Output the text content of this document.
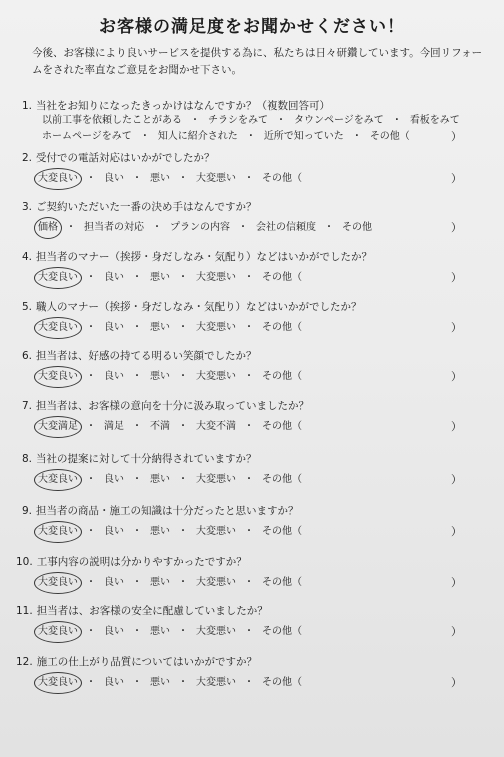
お客様の満足度をお聞かせください！
今後、お客様により良いサービスを提供する為に、私たちは日々研鑽しています。今回リフォームをされた率直なご意見をお聞かせ下さい。
1. 当社をお知りになったきっかけはなんですか？（複数回答可）
以前工事を依頼したことがある ・ チラシをみて ・ タウンページをみて ・ 看板をみて
ホームページをみて ・ 知人に紹介された ・ 近所で知っていた ・ その他（	）
2. 受付での電話対応はいかがでしたか？
大変良い ・ 良い ・ 悪い ・ 大変悪い ・ その他（	）
3. ご契約いただいた一番の決め手はなんですか？
価格 ・ 担当者の対応 ・ プランの内容 ・ 会社の信頼度 ・ その他	）
4. 担当者のマナー（挨拶・身だしなみ・気配り）などはいかがでしたか？
大変良い ・ 良い ・ 悪い ・ 大変悪い ・ その他（	）
5. 職人のマナー（挨拶・身だしなみ・気配り）などはいかがでしたか？
大変良い ・ 良い ・ 悪い ・ 大変悪い ・ その他（	）
6. 担当者は、好感の持てる明るい笑顔でしたか？
大変良い ・ 良い ・ 悪い ・ 大変悪い ・ その他（	）
7. 担当者は、お客様の意向を十分に汲み取っていましたか？
大変満足 ・ 満足 ・ 不満 ・ 大変不満 ・ その他（	）
8. 当社の提案に対して十分納得されていますか？
大変良い ・ 良い ・ 悪い ・ 大変悪い ・ その他（	）
9. 担当者の商品・施工の知識は十分だったと思いますか？
大変良い ・ 良い ・ 悪い ・ 大変悪い ・ その他（	）
10. 工事内容の説明は分かりやすかったですか？
大変良い ・ 良い ・ 悪い ・ 大変悪い ・ その他（	）
11. 担当者は、お客様の安全に配慮していましたか？
大変良い ・ 良い ・ 悪い ・ 大変悪い ・ その他（	）
12. 施工の仕上がり品質についてはいかがですか？
大変良い ・ 良い ・ 悪い ・ 大変悪い ・ その他（	）
